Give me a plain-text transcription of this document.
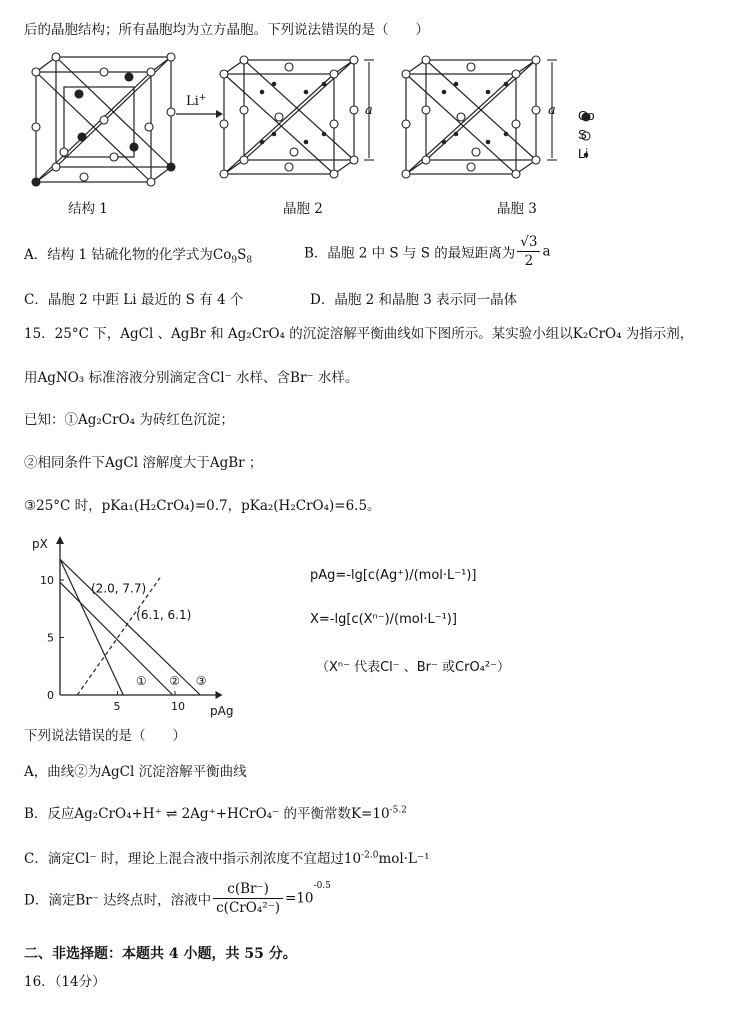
后的晶胞结构；所有晶胞均为立方晶胞。下列说法错误的是（　　）
Li+
a	a Co
S
Li
结构 1	晶胞 2	晶胞 3
A．结构 1 钴硫化物的化学式为$Co_9S_8$	B．晶胞 2 中 S 与 S 的最短距离为 $\frac{√3}{2}$ a
C．晶胞 2 中距 Li 最近的 S 有 4 个	D．晶胞 2 和晶胞 3 表示同一晶体
15．25°C 下，AgCl 、AgBr 和 Ag₂CrO₄ 的沉淀溶解平衡曲线如下图所示。某实验小组以K₂CrO₄ 为指示剂，
用AgNO₃ 标准溶液分别滴定含Cl⁻ 水样、含Br⁻ 水样。
已知：①Ag₂CrO₄ 为砖红色沉淀；
②相同条件下AgCl 溶解度大于AgBr ；
③25°C 时，pKa₁(H₂CrO₄)=0.7，pKa₂(H₂CrO₄)=6.5。
pAg
pX
5	10
0
5
10
① ② ③
(2.0, 7.7)
(6.1, 6.1)
pAg=-lg[c(Ag⁺)/(mol·L⁻¹)]
X=-lg[c(Xⁿ⁻)/(mol·L⁻¹)]
（Xⁿ⁻ 代表Cl⁻ 、Br⁻ 或CrO₄²⁻）
下列说法错误的是（　　）
A，曲线②为AgCl 沉淀溶解平衡曲线
B．反应Ag₂CrO₄+H⁺ ⇌ 2Ag⁺+HCrO₄⁻ 的平衡常数$K=10^{-5.2}$
C．滴定Cl⁻ 时，理论上混合液中指示剂浓度不宜超过$10^{-2.0}mol\cdot L^{-1}$
D．滴定Br⁻ 达终点时，溶液中 $\frac{c(Br^-)}{\text{c(CrO₄²⁻)}} =10^{-0.5}$
二、非选择题：本题共 4 小题，共 55 分。
16．（14分）
